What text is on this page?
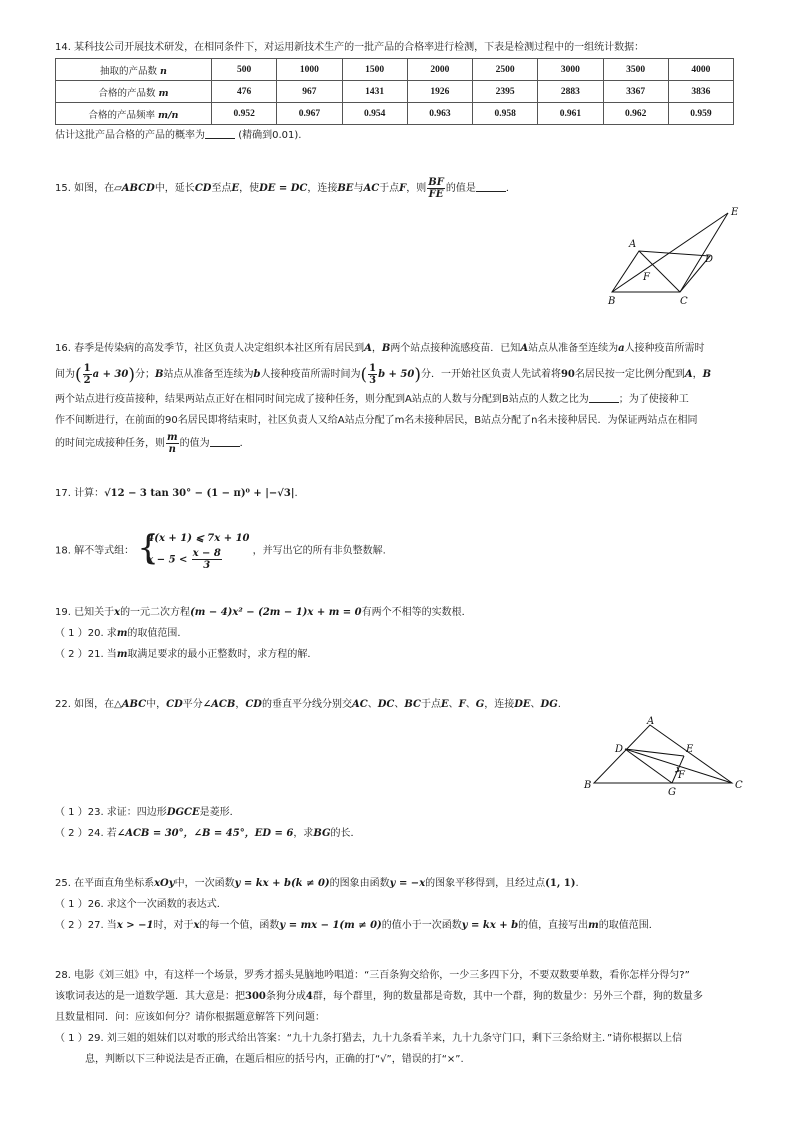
14. 某科技公司开展技术研发，在相同条件下，对运用新技术生产的一批产品的合格率进行检测，下表是检测过程中的一组统计数据：
抽取的产品数 n	500	1000	1500	2000	2500	3000	3500	4000
合格的产品数 m	476	967	1431	1926	2395	2883	3367	3836
合格的产品频率 m/n	0.952	0.967	0.954	0.963	0.958	0.961	0.962	0.959
估计这批产品合格的产品的概率为	(精确到0.01).
15. 如图，在▱ABCD中，延长CD至点E，使DE = DC，连接BE与AC于点F，则 $\frac{BF}{FE}$ 的值是	．
A
B	C
D
E
F
16. 春季是传染病的高发季节，社区负责人决定组织本社区所有居民到A，B两个站点接种流感疫苗．已知A站点从准备至连续为a人接种疫苗所需时
间为( $\frac{1}{2}$ a + 30)分；B站点从准备至连续为b人接种疫苗所需时间为( $\frac{1}{3}$ b + 50)分．一开始社区负责人先试着将90名居民按一定比例分配到A，B
两个站点进行疫苗接种，结果两站点正好在相同时间完成了接种任务，则分配到A站点的人数与分配到B站点的人数之比为	；为了使接种工
作不间断进行，在前面的90名居民即将结束时，社区负责人又给A站点分配了m名未接种居民，B站点分配了n名未接种居民．为保证两站点在相同
的时间完成接种任务，则 $\frac{m}{n}$ 的值为	．
17. 计算：√12 − 3 tan 30° − (1 − π)⁰ + |−√3|.
18. 解不等式组： {
4(x + 1) ⩽ 7x + 10
$x - 5 < \frac{x - 8}{3}$	，并写出它的所有非负整数解.
19. 已知关于x的一元二次方程(m − 4)x² − (2m − 1)x + m = 0有两个不相等的实数根．
（ 1 ）20. 求m的取值范围．
（ 2 ）21. 当m取满足要求的最小正整数时，求方程的解．
22. 如图，在△ABC中，CD平分∠ACB，CD的垂直平分线分别交AC、DC、BC于点E、F、G，连接DE、DG.
A
B	C
D	E
F
G
（ 1 ）23. 求证：四边形DGCE是菱形．
（ 2 ）24. 若∠ACB = 30°，∠B = 45°，ED = 6，求BG的长．
25. 在平面直角坐标系xOy中，一次函数y = kx + b(k ≠ 0)的图象由函数y = −x的图象平移得到，且经过点(1, 1).
（ 1 ）26. 求这个一次函数的表达式．
（ 2 ）27. 当x > −1时，对于x的每一个值，函数y = mx − 1(m ≠ 0)的值小于一次函数y = kx + b的值，直接写出m的取值范围．
28. 电影《刘三姐》中，有这样一个场景，罗秀才摇头晃脑地吟唱道：“三百条狗交给你，一少三多四下分，不要双数要单数，看你怎样分得匀?”
该歌词表达的是一道数学题．其大意是：把300条狗分成4群，每个群里，狗的数量都是奇数，其中一个群，狗的数量少：另外三个群，狗的数量多
且数量相同．问：应该如何分？请你根据题意解答下列问题：
（ 1 ）29. 刘三姐的姐妹们以对歌的形式给出答案：“九十九条打猎去，九十九条看羊来，九十九条守门口，剩下三条给财主．”请你根据以上信
息，判断以下三种说法是否正确，在题后相应的括号内，正确的打“√”，错误的打“×”.
